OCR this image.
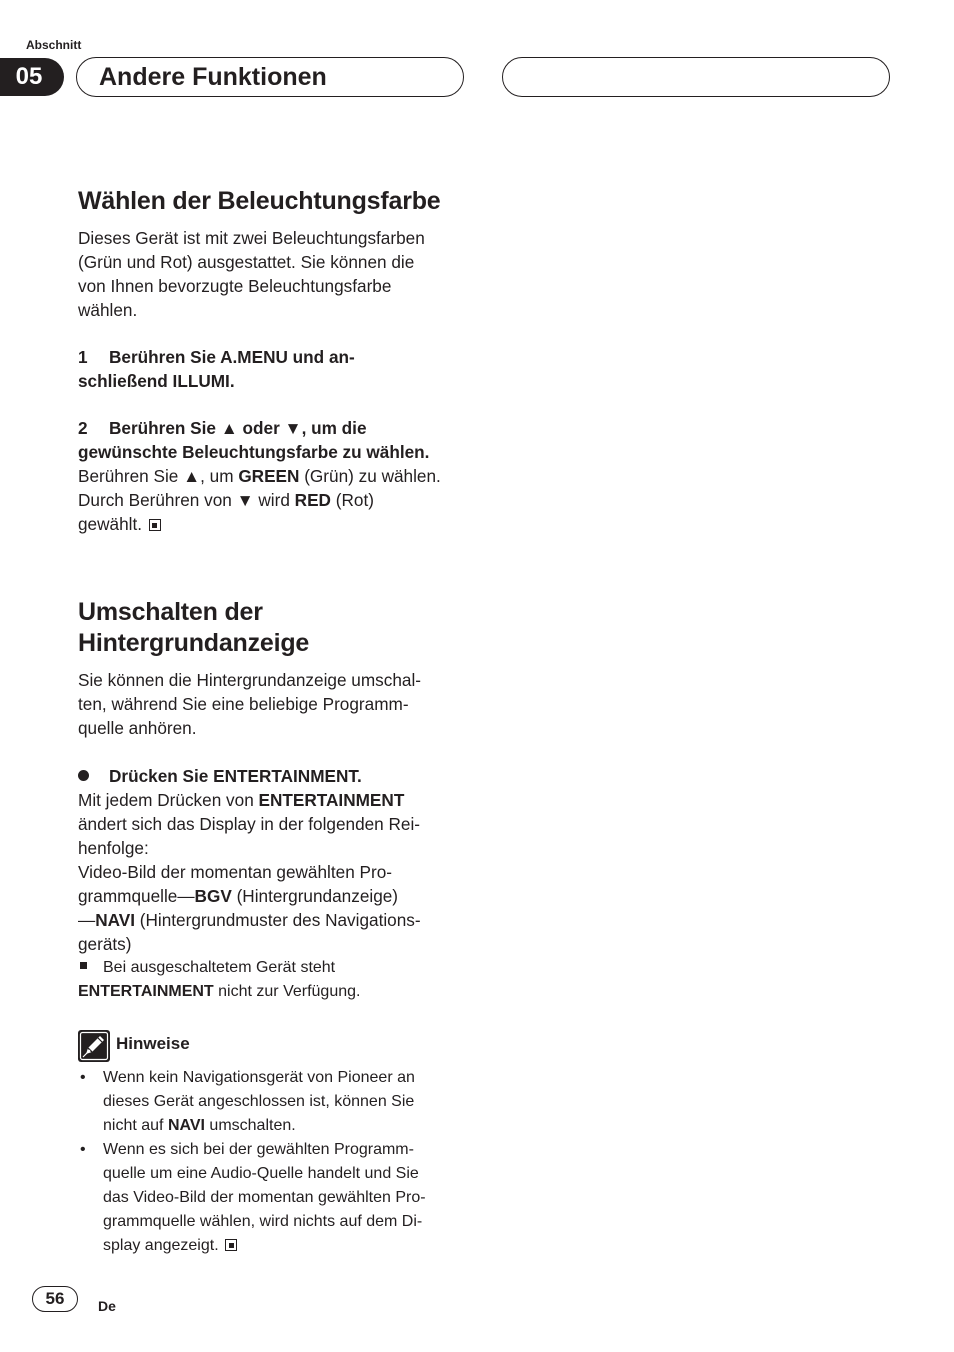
Abschnitt
05	Andere Funktionen
Wählen der Beleuchtungsfarbe

Dieses Gerät ist mit zwei Beleuchtungsfarben

(Grün und Rot) ausgestattet. Sie können die

von Ihnen bevorzugte Beleuchtungsfarbe

wählen.

1 Berühren Sie A.MENU und an-
schließend ILLUMI.
2 Berühren Sie ▲ oder ▼, um die
gewünschte Beleuchtungsfarbe zu wählen.

Berühren Sie ▲, um GREEN (Grün) zu wählen.

Durch Berühren von ▼ wird RED (Rot)

gewählt.

Umschalten der
Hintergrundanzeige

Sie können die Hintergrundanzeige umschal-

ten, während Sie eine beliebige Programm-

quelle anhören.

Drücken Sie ENTERTAINMENT.

Mit jedem Drücken von ENTERTAINMENT

ändert sich das Display in der folgenden Rei-

henfolge:

Video-Bild der momentan gewählten Pro-

grammquelle—BGV (Hintergrundanzeige)

—NAVI (Hintergrundmuster des Navigations-

geräts)

Bei ausgeschaltetem Gerät steht
ENTERTAINMENT nicht zur Verfügung.
Hinweise
• Wenn kein Navigationsgerät von Pioneer an
dieses Gerät angeschlossen ist, können Sie
nicht auf NAVI umschalten.
• Wenn es sich bei der gewählten Programm-
quelle um eine Audio-Quelle handelt und Sie
das Video-Bild der momentan gewählten Pro-
grammquelle wählen, wird nichts auf dem Di-
splay angezeigt.
56	De
